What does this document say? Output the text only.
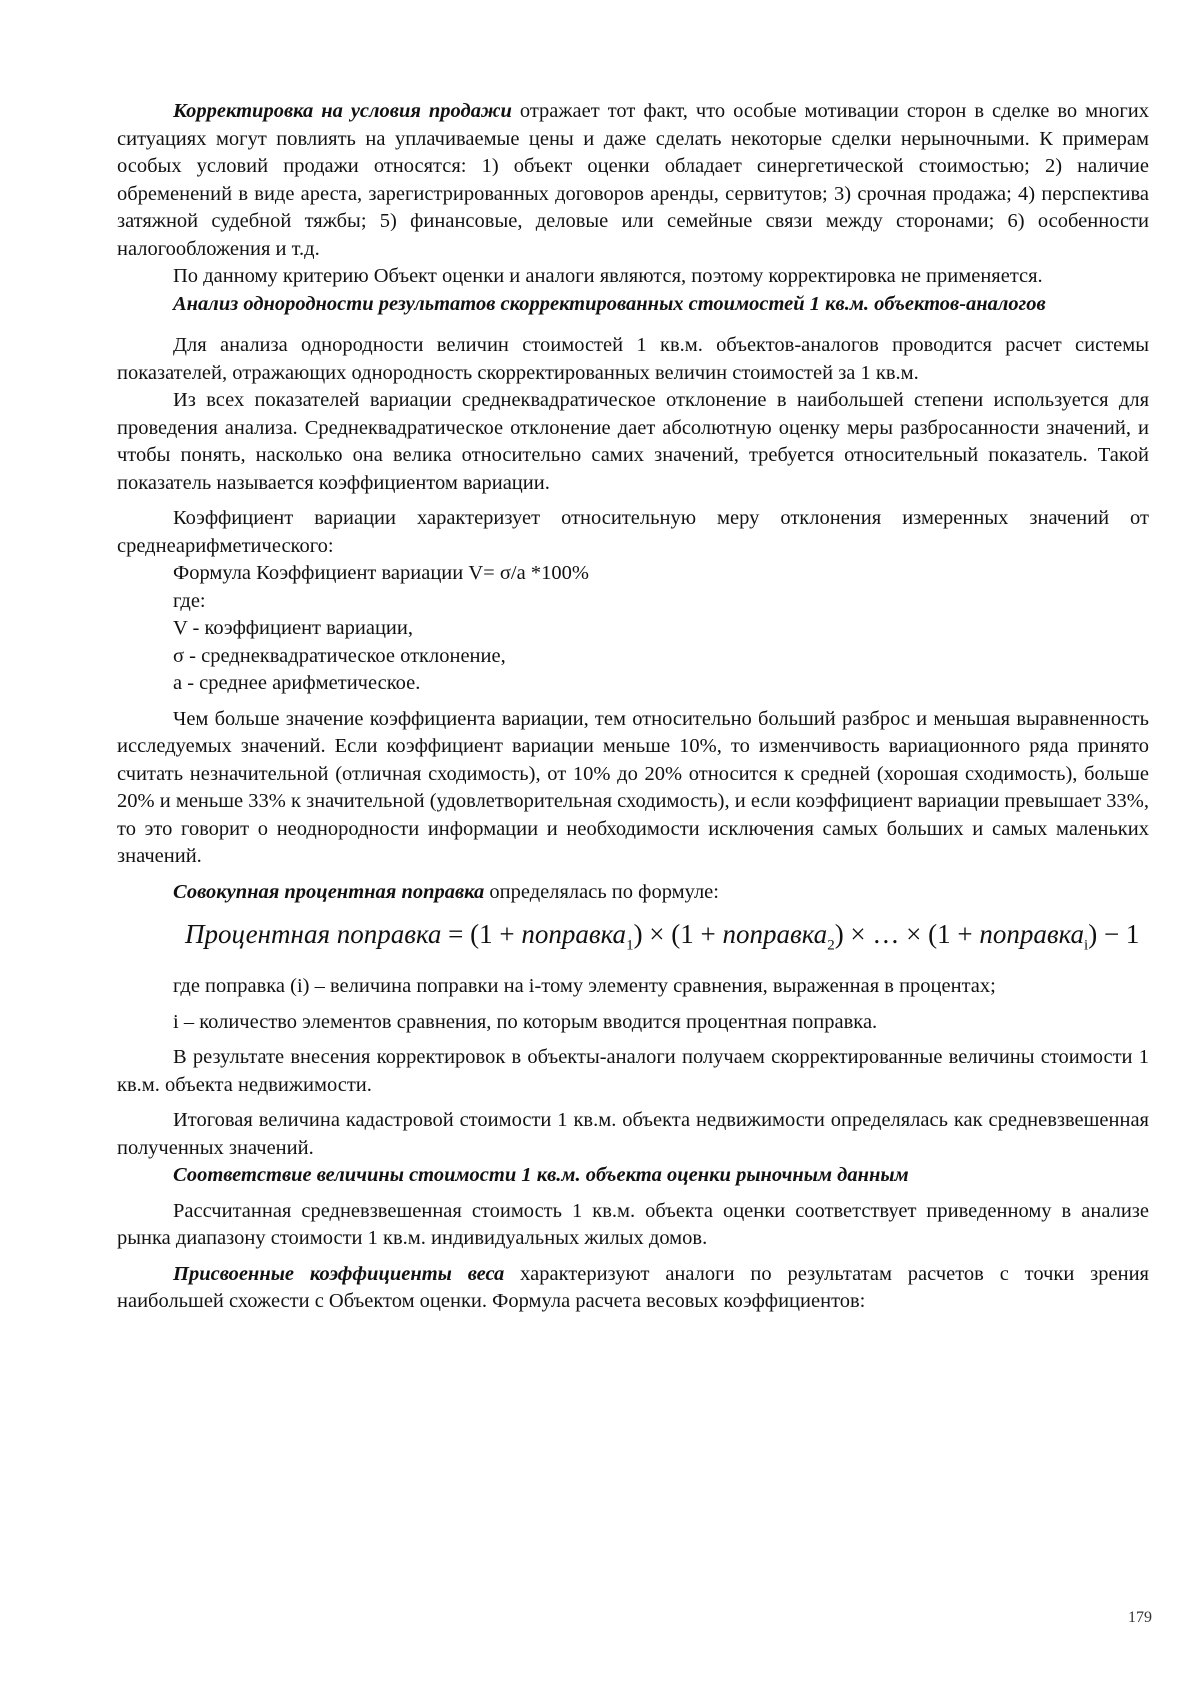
Корректировка на условия продажи отражает тот факт, что особые мотивации сторон в сделке во многих ситуациях могут повлиять на уплачиваемые цены и даже сделать некоторые сделки нерыночными. К примерам особых условий продажи относятся: 1) объект оценки обладает синергетической стоимостью; 2) наличие обременений в виде ареста, зарегистрированных договоров аренды, сервитутов; 3) срочная продажа; 4) перспектива затяжной судебной тяжбы; 5) финансовые, деловые или семейные связи между сторонами; 6) особенности налогообложения и т.д.

По данному критерию Объект оценки и аналоги являются, поэтому корректировка не применяется.

Анализ однородности результатов скорректированных стоимостей 1 кв.м. объектов-аналогов

Для анализа однородности величин стоимостей 1 кв.м. объектов-аналогов проводится расчет системы показателей, отражающих однородность скорректированных величин стоимостей за 1 кв.м.

Из всех показателей вариации среднеквадратическое отклонение в наибольшей степени используется для проведения анализа. Среднеквадратическое отклонение дает абсолютную оценку меры разбросанности значений, и чтобы понять, насколько она велика относительно самих значений, требуется относительный показатель. Такой показатель называется коэффициентом вариации.

Коэффициент вариации характеризует относительную меру отклонения измеренных значений от среднеарифметического:

Формула Коэффициент вариации V= σ/a *100%

где:

V - коэффициент вариации,

σ - среднеквадратическое отклонение,

а - среднее арифметическое.

Чем больше значение коэффициента вариации, тем относительно больший разброс и меньшая выравненность исследуемых значений. Если коэффициент вариации меньше 10%, то изменчивость вариационного ряда принято считать незначительной (отличная сходимость), от 10% до 20% относится к средней (хорошая сходимость), больше 20% и меньше 33% к значительной (удовлетворительная сходимость), и если коэффициент вариации превышает 33%, то это говорит о неоднородности информации и необходимости исключения самых больших и самых маленьких значений.

Совокупная процентная поправка определялась по формуле:

Процентная поправка = (1 + поправка$_1$) × (1 + поправка$_2$) × … × (1 + поправка$_i$) − 1

где поправка (i) – величина поправки на i-тому элементу сравнения, выраженная в процентах;

i – количество элементов сравнения, по которым вводится процентная поправка.

В результате внесения корректировок в объекты-аналоги получаем скорректированные величины стоимости 1 кв.м. объекта недвижимости.

Итоговая величина кадастровой стоимости 1 кв.м. объекта недвижимости определялась как средневзвешенная полученных значений.

Соответствие величины стоимости 1 кв.м. объекта оценки рыночным данным

Рассчитанная средневзвешенная стоимость 1 кв.м. объекта оценки соответствует приведенному в анализе рынка диапазону стоимости 1 кв.м. индивидуальных жилых домов.

Присвоенные коэффициенты веса характеризуют аналоги по результатам расчетов с точки зрения наибольшей схожести с Объектом оценки. Формула расчета весовых коэффициентов:

179
